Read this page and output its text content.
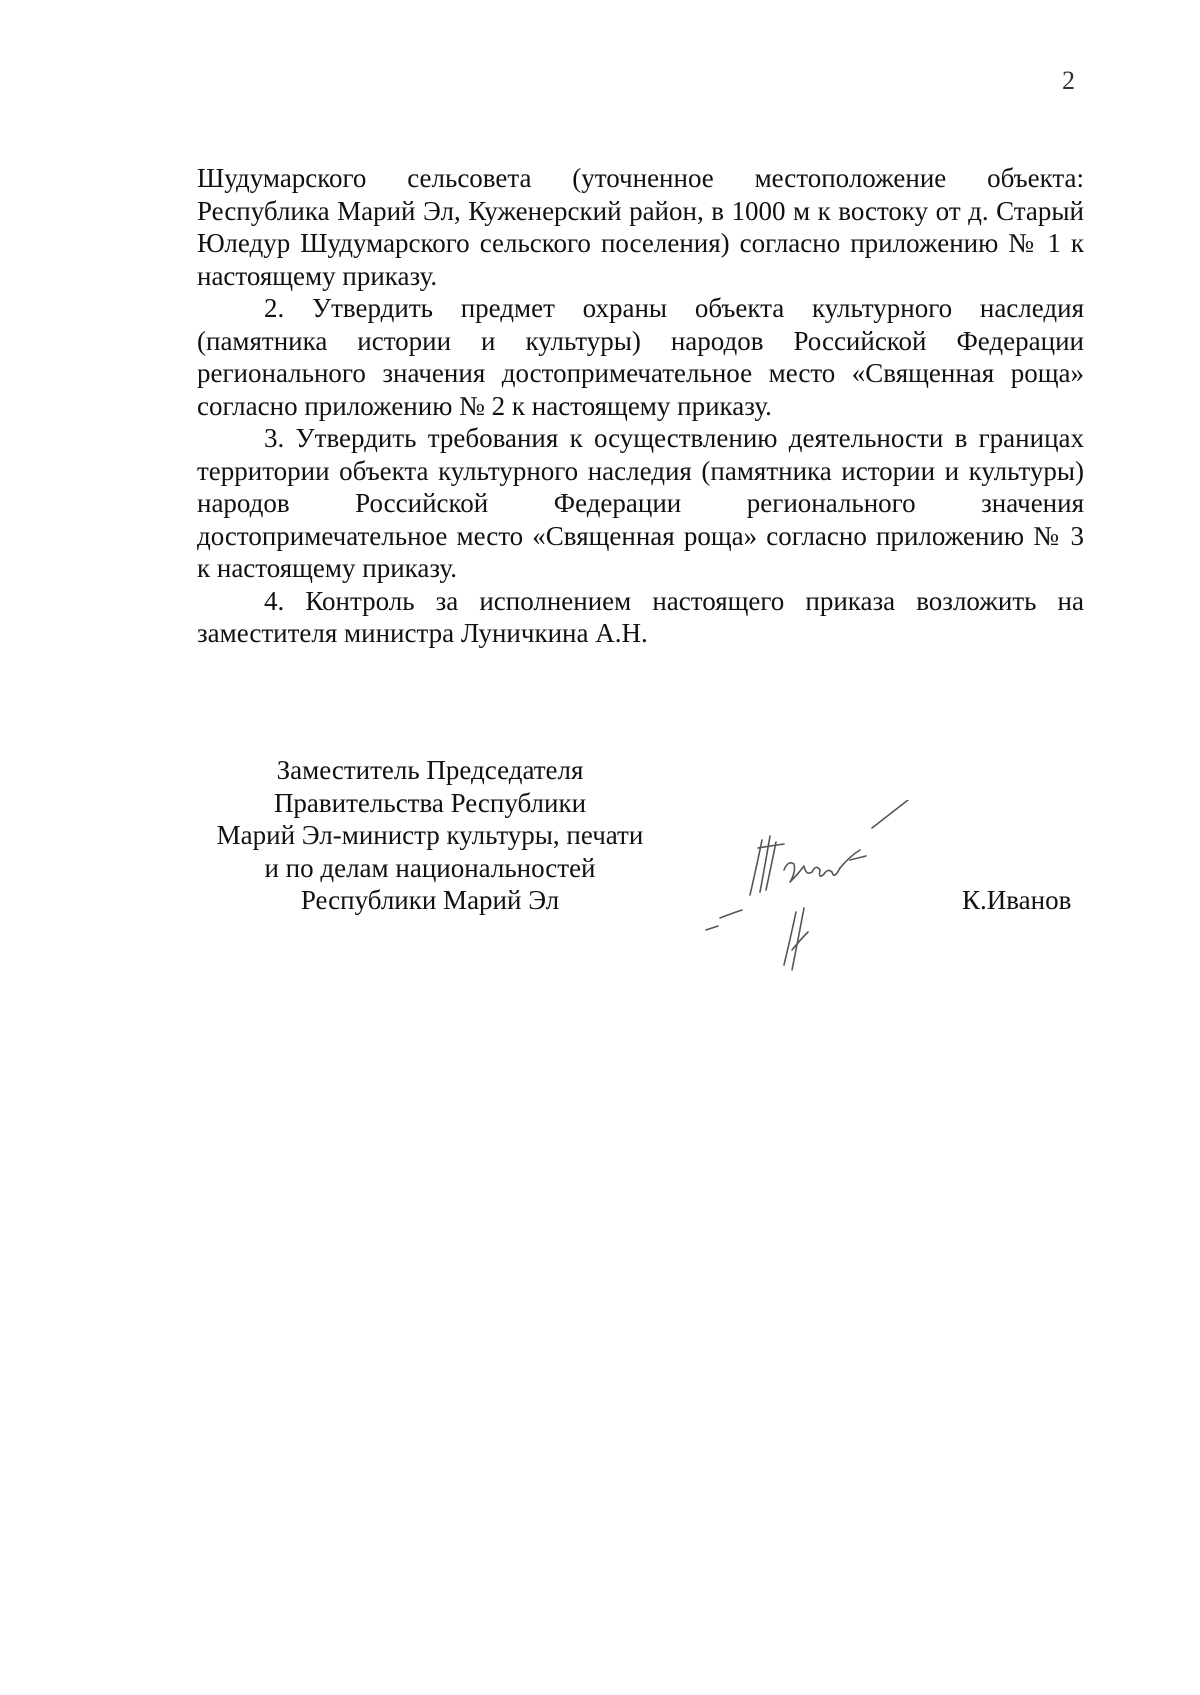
2

Шудумарского сельсовета (уточненное местоположение объекта: Республика Марий Эл, Куженерский район, в 1000 м к востоку от д. Старый Юледур Шудумарского сельского поселения) согласно приложению № 1 к настоящему приказу.

2. Утвердить предмет охраны объекта культурного наследия (памятника истории и культуры) народов Российской Федерации регионального значения достопримечательное место «Священная роща» согласно приложению № 2 к настоящему приказу.

3. Утвердить требования к осуществлению деятельности в границах территории объекта культурного наследия (памятника истории и культуры) народов Российской Федерации регионального значения достопримечательное место «Священная роща» согласно приложению № 3 к настоящему приказу.

4. Контроль за исполнением настоящего приказа возложить на заместителя министра Луничкина А.Н.

Заместитель Председателя
Правительства Республики
Марий Эл-министр культуры, печати
и по делам национальностей
Республики Марий Эл	К.Иванов
